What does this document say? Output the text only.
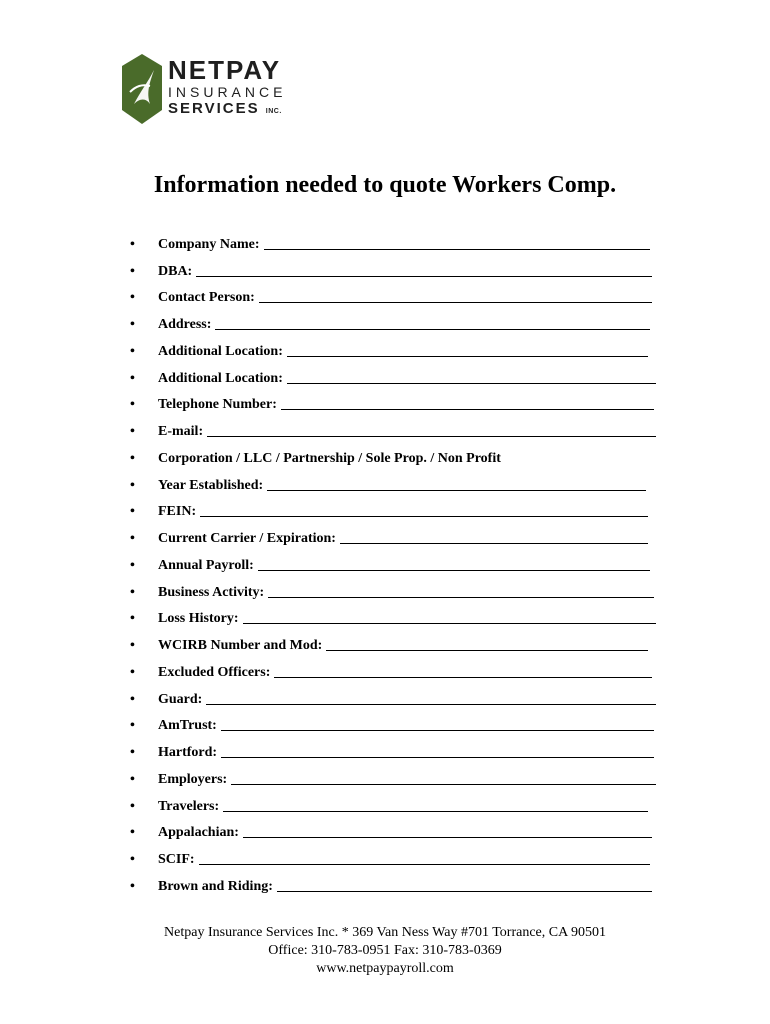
NETPAY
INSURANCE
SERVICES INC.
Information needed to quote Workers Comp.
•	Company Name:
•	DBA:
•	Contact Person:
•	Address:
•	Additional Location:
•	Additional Location:
•	Telephone Number:
•	E-mail:
•	Corporation / LLC / Partnership / Sole Prop. / Non Profit
•	Year Established:
•	FEIN:
•	Current Carrier / Expiration:
•	Annual Payroll:
•	Business Activity:
•	Loss History:
•	WCIRB Number and Mod:
•	Excluded Officers:
•	Guard:
•	AmTrust:
•	Hartford:
•	Employers:
•	Travelers:
•	Appalachian:
•	SCIF:
•	Brown and Riding:
Netpay Insurance Services Inc. * 369 Van Ness Way #701 Torrance, CA 90501
Office: 310-783-0951 Fax: 310-783-0369
www.netpaypayroll.com
